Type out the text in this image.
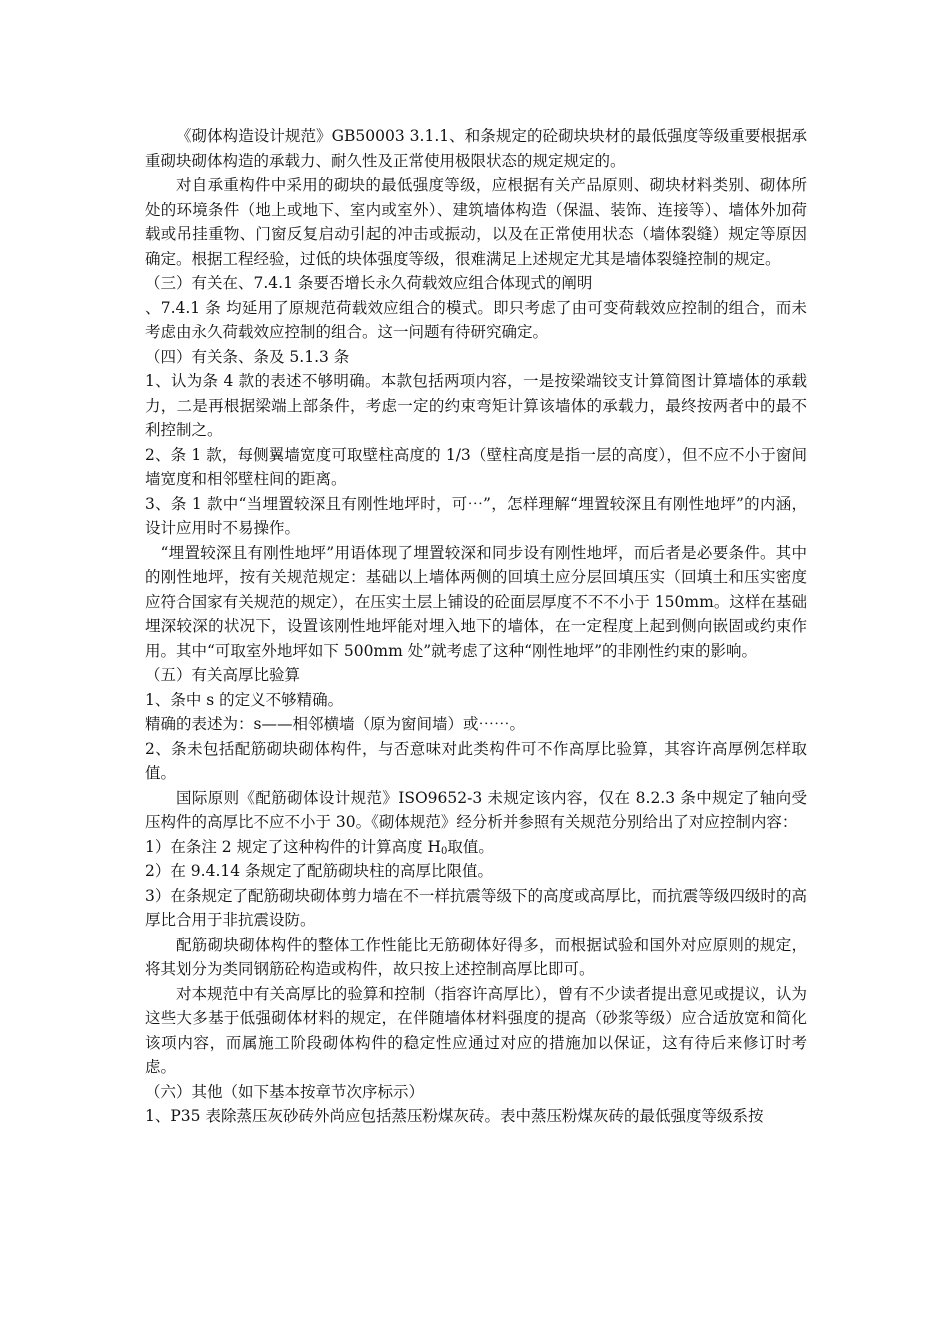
《砌体构造设计规范》GB50003 3.1.1、和条规定的砼砌块块材的最低强度等级重要根据承重砌块砌体构造的承载力、耐久性及正常使用极限状态的规定规定的。

对自承重构件中采用的砌块的最低强度等级，应根据有关产品原则、砌块材料类别、砌体所处的环境条件（地上或地下、室内或室外）、建筑墙体构造（保温、装饰、连接等）、墙体外加荷载或吊挂重物、门窗反复启动引起的冲击或振动，以及在正常使用状态（墙体裂缝）规定等原因确定。根据工程经验，过低的块体强度等级，很难满足上述规定尤其是墙体裂缝控制的规定。

（三）有关在、7.4.1 条要否增长永久荷载效应组合体现式的阐明

、7.4.1 条 均延用了原规范荷载效应组合的模式。即只考虑了由可变荷载效应控制的组合，而未考虑由永久荷载效应控制的组合。这一问题有待研究确定。

（四）有关条、条及 5.1.3 条

1、认为条 4 款的表述不够明确。本款包括两项内容，一是按梁端铰支计算简图计算墙体的承载力，二是再根据梁端上部条件，考虑一定的约束弯矩计算该墙体的承载力，最终按两者中的最不利控制之。

2、条 1 款，每侧翼墙宽度可取壁柱高度的 1/3（壁柱高度是指一层的高度），但不应不小于窗间墙宽度和相邻壁柱间的距离。

3、条 1 款中“当埋置较深且有刚性地坪时，可⋯”，怎样理解“埋置较深且有刚性地坪”的内涵，设计应用时不易操作。

“埋置较深且有刚性地坪”用语体现了埋置较深和同步设有刚性地坪，而后者是必要条件。其中的刚性地坪，按有关规范规定：基础以上墙体两侧的回填土应分层回填压实（回填土和压实密度应符合国家有关规范的规定），在压实土层上铺设的砼面层厚度不不不小于 150mm。这样在基础埋深较深的状况下，设置该刚性地坪能对埋入地下的墙体，在一定程度上起到侧向嵌固或约束作用。其中“可取室外地坪如下 500mm 处”就考虑了这种“刚性地坪”的非刚性约束的影响。

（五）有关高厚比验算

1、条中 s 的定义不够精确。

精确的表述为：s——相邻横墙（原为窗间墙）或⋯⋯。

2、条未包括配筋砌块砌体构件，与否意味对此类构件可不作高厚比验算，其容许高厚例怎样取值。

国际原则《配筋砌体设计规范》ISO9652-3 未规定该内容，仅在 8.2.3 条中规定了轴向受压构件的高厚比不应不小于 30。《砌体规范》经分析并参照有关规范分别给出了对应控制内容：

1）在条注 2 规定了这种构件的计算高度 $H_0$取值。

2）在 9.4.14 条规定了配筋砌块柱的高厚比限值。

3）在条规定了配筋砌块砌体剪力墙在不一样抗震等级下的高度或高厚比，而抗震等级四级时的高厚比合用于非抗震设防。

配筋砌块砌体构件的整体工作性能比无筋砌体好得多，而根据试验和国外对应原则的规定，将其划分为类同钢筋砼构造或构件，故只按上述控制高厚比即可。

对本规范中有关高厚比的验算和控制（指容许高厚比），曾有不少读者提出意见或提议，认为这些大多基于低强砌体材料的规定，在伴随墙体材料强度的提高（砂浆等级）应合适放宽和简化该项内容，而属施工阶段砌体构件的稳定性应通过对应的措施加以保证，这有待后来修订时考虑。

（六）其他（如下基本按章节次序标示）

1、P35 表除蒸压灰砂砖外尚应包括蒸压粉煤灰砖。表中蒸压粉煤灰砖的最低强度等级系按
